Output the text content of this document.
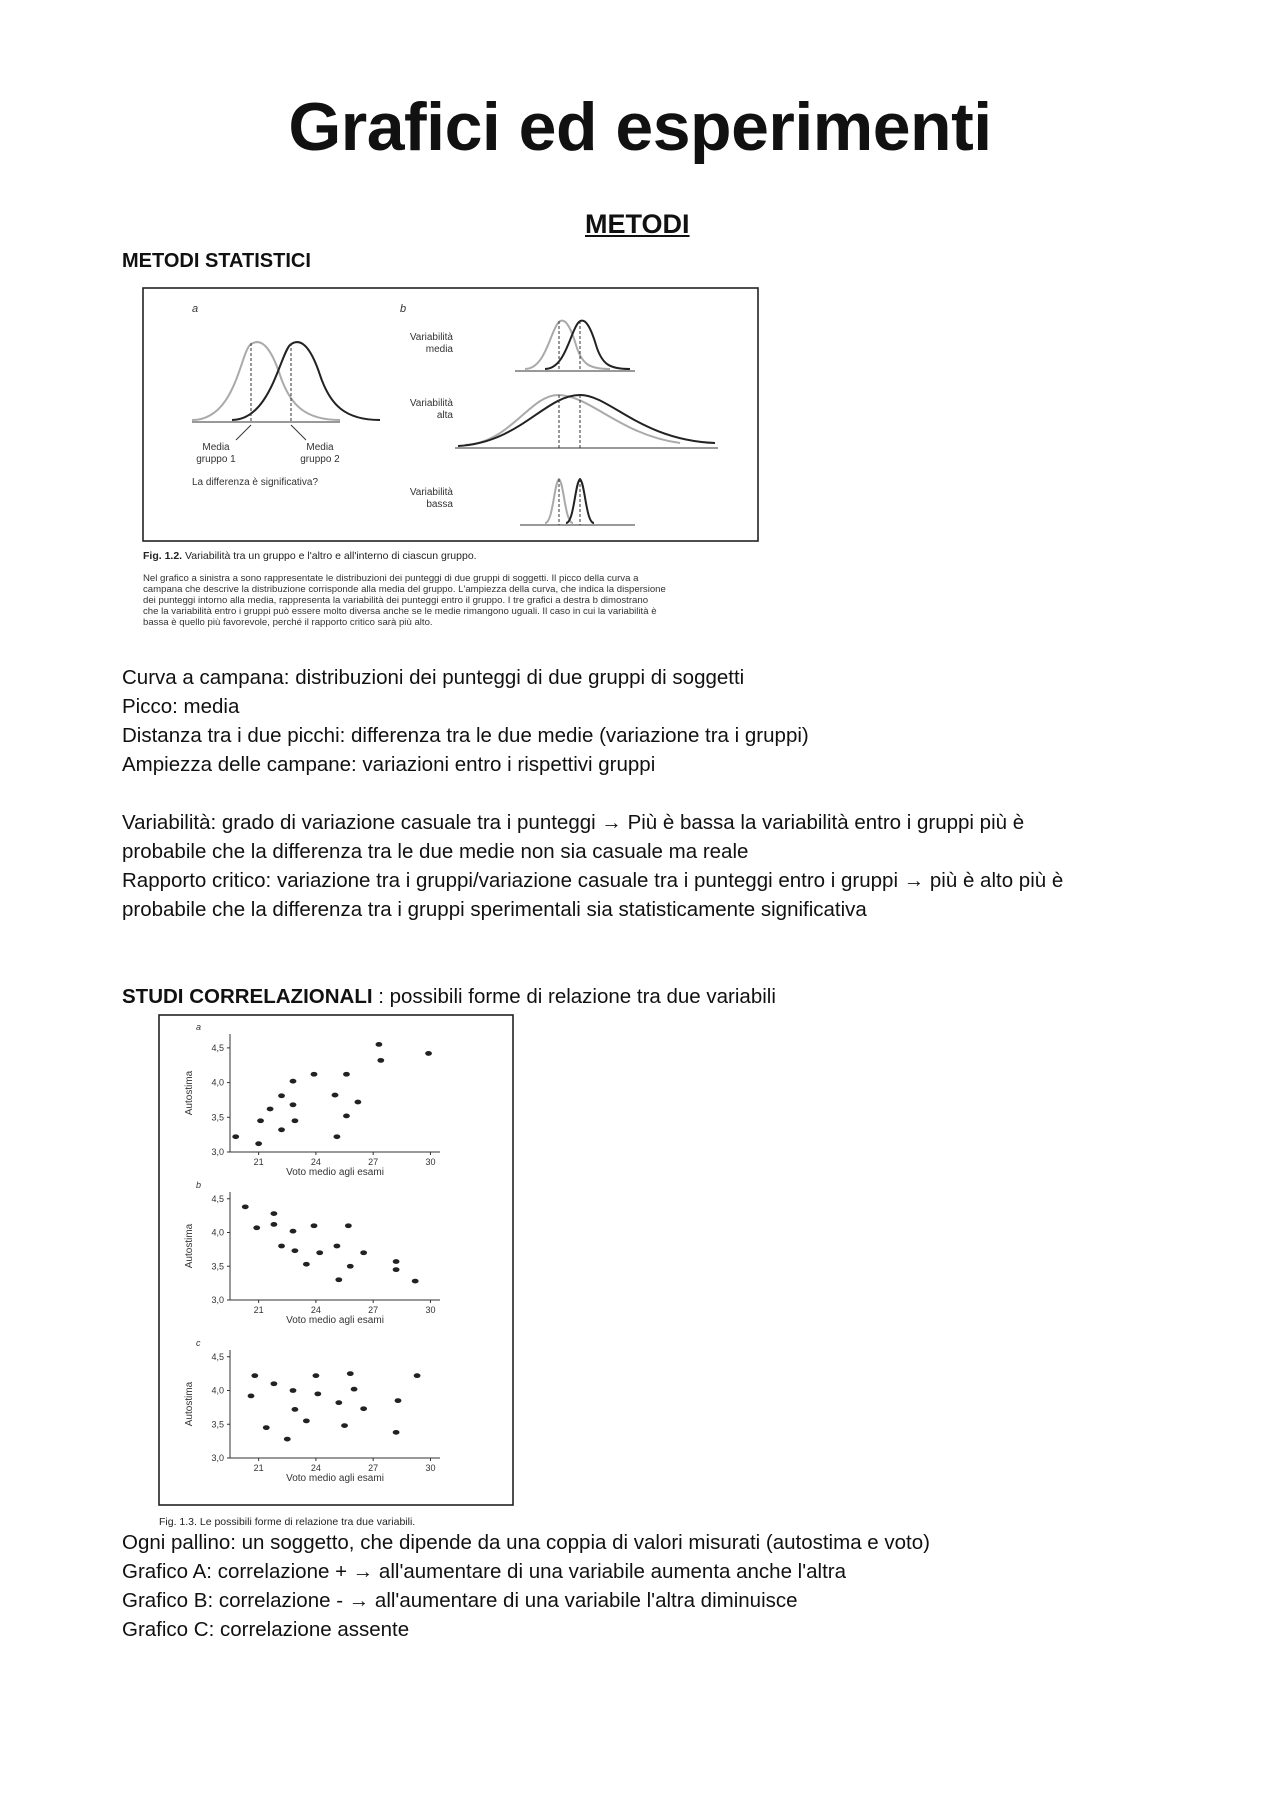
Grafici ed esperimenti
METODI
METODI STATISTICI
a	b
Media
gruppo 1
Media
gruppo 2
La differenza è significativa?
Variabilità
media
Variabilità
alta
Variabilità
bassa
Fig. 1.2. Variabilità tra un gruppo e l'altro e all'interno di ciascun gruppo.
Nel grafico a sinistra a sono rappresentate le distribuzioni dei punteggi di due gruppi di soggetti. Il picco della curva a
campana che descrive la distribuzione corrisponde alla media del gruppo. L'ampiezza della curva, che indica la dispersione
dei punteggi intorno alla media, rappresenta la variabilità dei punteggi entro il gruppo. I tre grafici a destra b dimostrano
che la variabilità entro i gruppi può essere molto diversa anche se le medie rimangono uguali. Il caso in cui la variabilità è
bassa è quello più favorevole, perché il rapporto critico sarà più alto.

Curva a campana: distribuzioni dei punteggi di due gruppi di soggetti

Picco: media

Distanza tra i due picchi: differenza tra le due medie (variazione tra i gruppi)

Ampiezza delle campane: variazioni entro i rispettivi gruppi

Variabilità: grado di variazione casuale tra i punteggi → Più è bassa la variabilità entro i gruppi più è

probabile che la differenza tra le due medie non sia casuale ma reale

Rapporto critico: variazione tra i gruppi/variazione casuale tra i punteggi entro i gruppi → più è alto più è

probabile che la differenza tra i gruppi sperimentali sia statisticamente significativa

STUDI CORRELAZIONALI : possibili forme di relazione tra due variabili
a
3,0
3,5
4,0
4,5
21	24	27	30
Voto medio agli esami
Autostima
b
3,0
3,5
4,0
4,5
21	24	27	30
Voto medio agli esami
Autostima
c
3,0
3,5
4,0
4,5
21	24	27	30
Voto medio agli esami
Autostima
Fig. 1.3. Le possibili forme di relazione tra due variabili.

Ogni pallino: un soggetto, che dipende da una coppia di valori misurati (autostima e voto)

Grafico A: correlazione + → all'aumentare di una variabile aumenta anche l'altra

Grafico B: correlazione - → all'aumentare di una variabile l'altra diminuisce

Grafico C: correlazione assente
